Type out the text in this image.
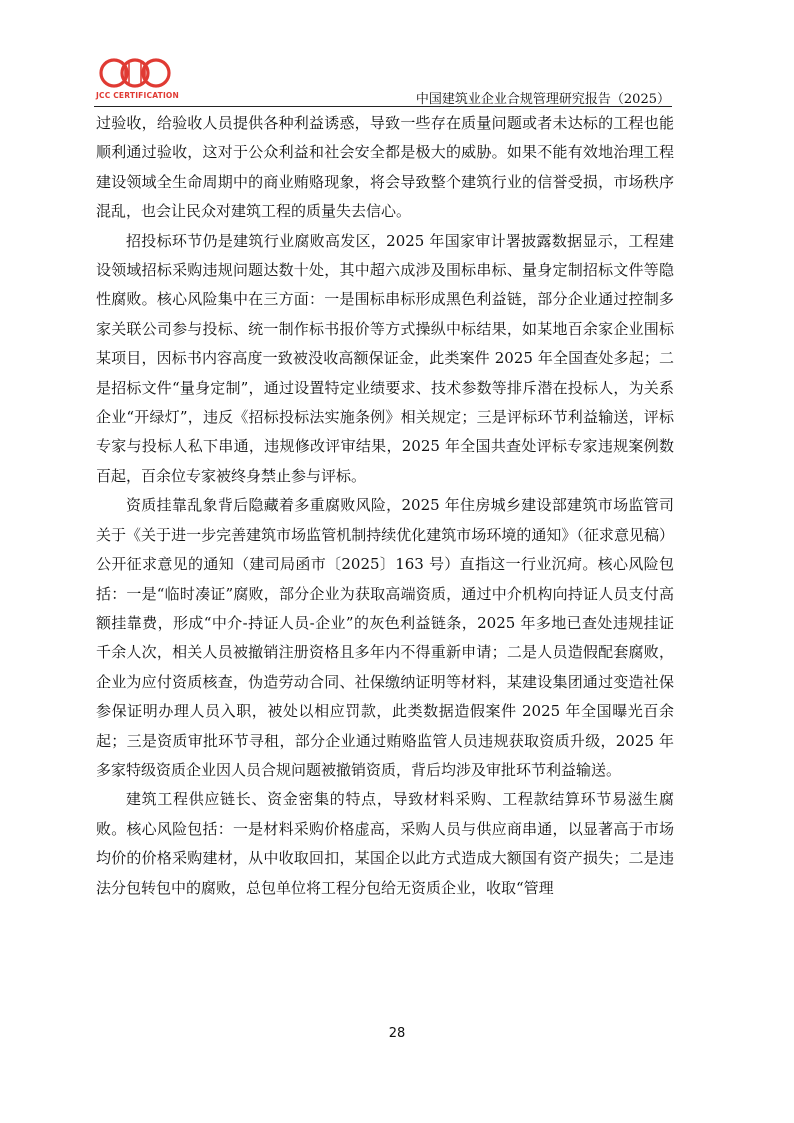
JCC CERTIFICATION	中国建筑业企业合规管理研究报告（2025）

过验收，给验收人员提供各种利益诱惑，导致一些存在质量问题或者未达标的工程也能顺利通过验收，这对于公众利益和社会安全都是极大的威胁。如果不能有效地治理工程建设领域全生命周期中的商业贿赂现象，将会导致整个建筑行业的信誉受损，市场秩序混乱，也会让民众对建筑工程的质量失去信心。

招投标环节仍是建筑行业腐败高发区，2025 年国家审计署披露数据显示，工程建设领域招标采购违规问题达数十处，其中超六成涉及围标串标、量身定制招标文件等隐性腐败。核心风险集中在三方面：一是围标串标形成黑色利益链，部分企业通过控制多家关联公司参与投标、统一制作标书报价等方式操纵中标结果，如某地百余家企业围标某项目，因标书内容高度一致被没收高额保证金，此类案件 2025 年全国查处多起；二是招标文件“量身定制”，通过设置特定业绩要求、技术参数等排斥潜在投标人，为关系企业“开绿灯”，违反《招标投标法实施条例》相关规定；三是评标环节利益输送，评标专家与投标人私下串通，违规修改评审结果，2025 年全国共查处评标专家违规案例数百起，百余位专家被终身禁止参与评标。

资质挂靠乱象背后隐藏着多重腐败风险，2025 年住房城乡建设部建筑市场监管司关于《关于进一步完善建筑市场监管机制持续优化建筑市场环境的通知》（征求意见稿）公开征求意见的通知（建司局函市〔2025〕163 号）直指这一行业沉疴。核心风险包括：一是“临时凑证”腐败，部分企业为获取高端资质，通过中介机构向持证人员支付高额挂靠费，形成“中介-持证人员-企业”的灰色利益链条，2025 年多地已查处违规挂证千余人次，相关人员被撤销注册资格且多年内不得重新申请；二是人员造假配套腐败，企业为应付资质核查，伪造劳动合同、社保缴纳证明等材料，某建设集团通过变造社保参保证明办理人员入职，被处以相应罚款，此类数据造假案件 2025 年全国曝光百余起；三是资质审批环节寻租，部分企业通过贿赂监管人员违规获取资质升级，2025 年多家特级资质企业因人员合规问题被撤销资质，背后均涉及审批环节利益输送。

建筑工程供应链长、资金密集的特点，导致材料采购、工程款结算环节易滋生腐败。核心风险包括：一是材料采购价格虚高，采购人员与供应商串通，以显著高于市场均价的价格采购建材，从中收取回扣，某国企以此方式造成大额国有资产损失；二是违法分包转包中的腐败，总包单位将工程分包给无资质企业，收取“管理

28
